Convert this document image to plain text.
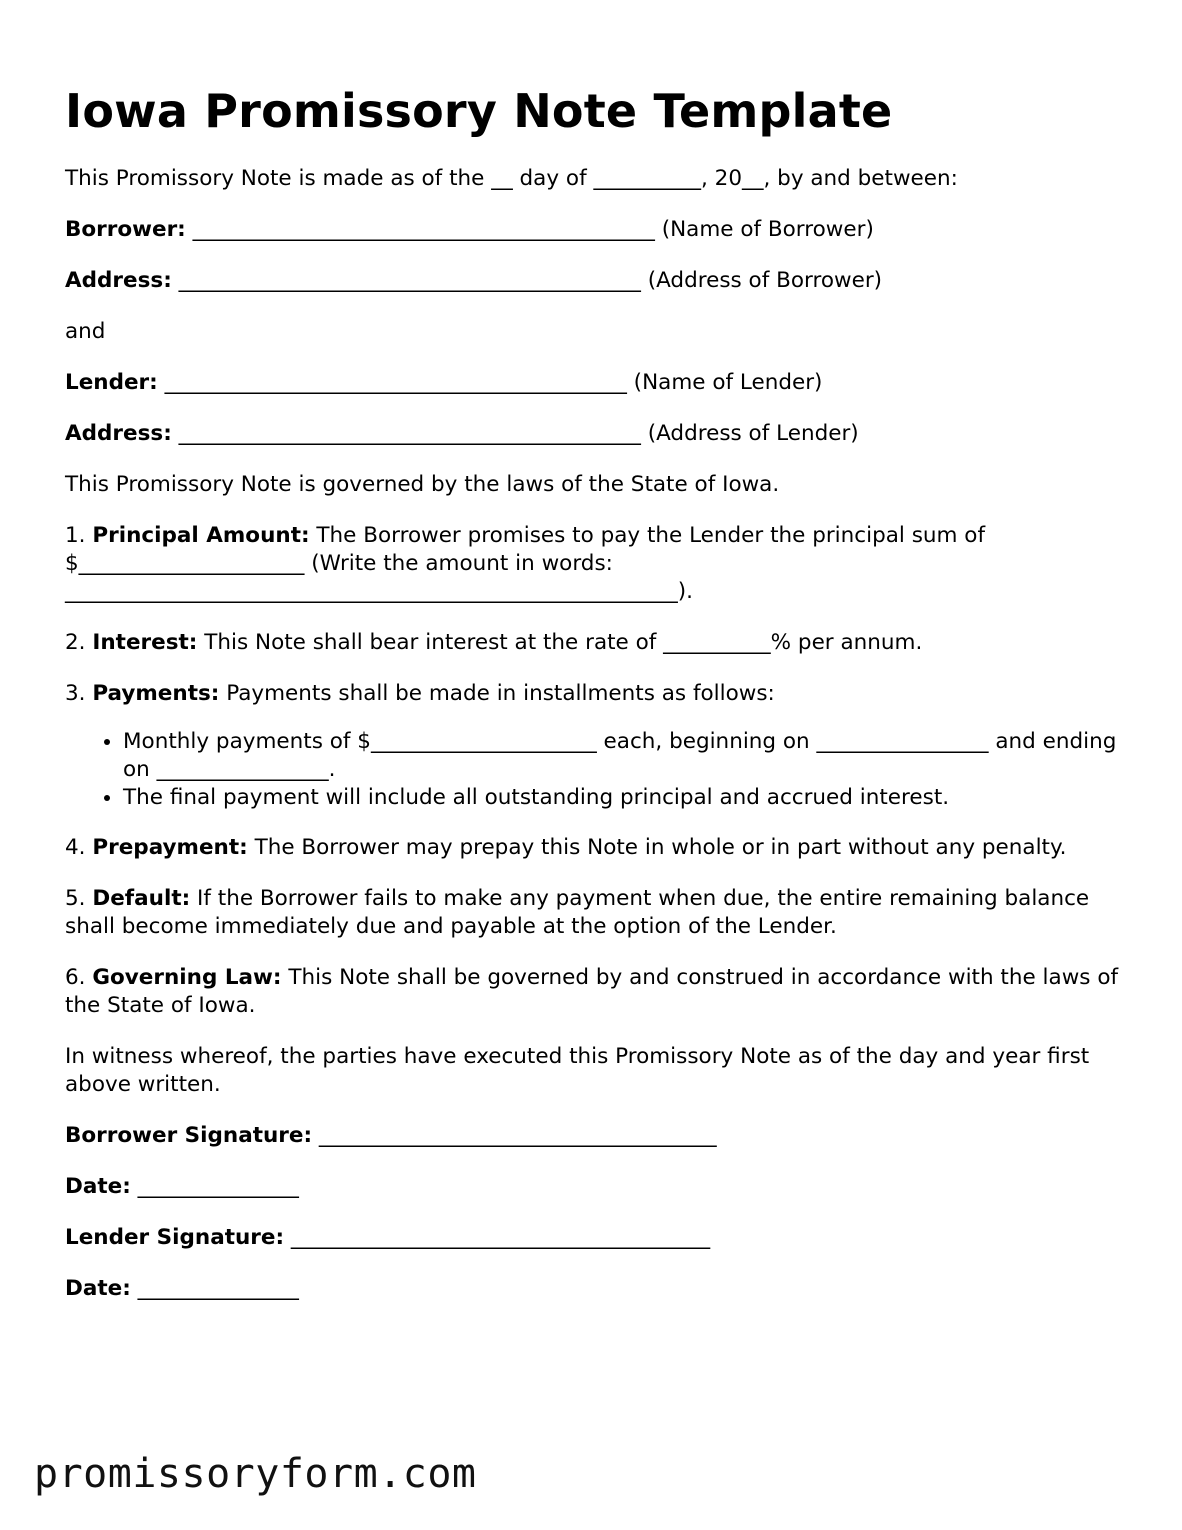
Iowa Promissory Note Template

This Promissory Note is made as of the __ day of __________, 20__, by and between:

Borrower: ___________________________________________ (Name of Borrower)

Address: ___________________________________________ (Address of Borrower)

and

Lender: ___________________________________________ (Name of Lender)

Address: ___________________________________________ (Address of Lender)

This Promissory Note is governed by the laws of the State of Iowa.

1. Principal Amount: The Borrower promises to pay the Lender the principal sum of $_____________________ (Write the amount in words: _________________________________________________________).

2. Interest: This Note shall bear interest at the rate of __________% per annum.

3. Payments: Payments shall be made in installments as follows:

• Monthly payments of $_____________________ each, beginning on ________________ and ending on ________________.
• The final payment will include all outstanding principal and accrued interest.

4. Prepayment: The Borrower may prepay this Note in whole or in part without any penalty.

5. Default: If the Borrower fails to make any payment when due, the entire remaining balance shall become immediately due and payable at the option of the Lender.

6. Governing Law: This Note shall be governed by and construed in accordance with the laws of the State of Iowa.

In witness whereof, the parties have executed this Promissory Note as of the day and year first above written.

Borrower Signature: _____________________________________

Date: _______________

Lender Signature: _______________________________________

Date: _______________

promissoryform.com
